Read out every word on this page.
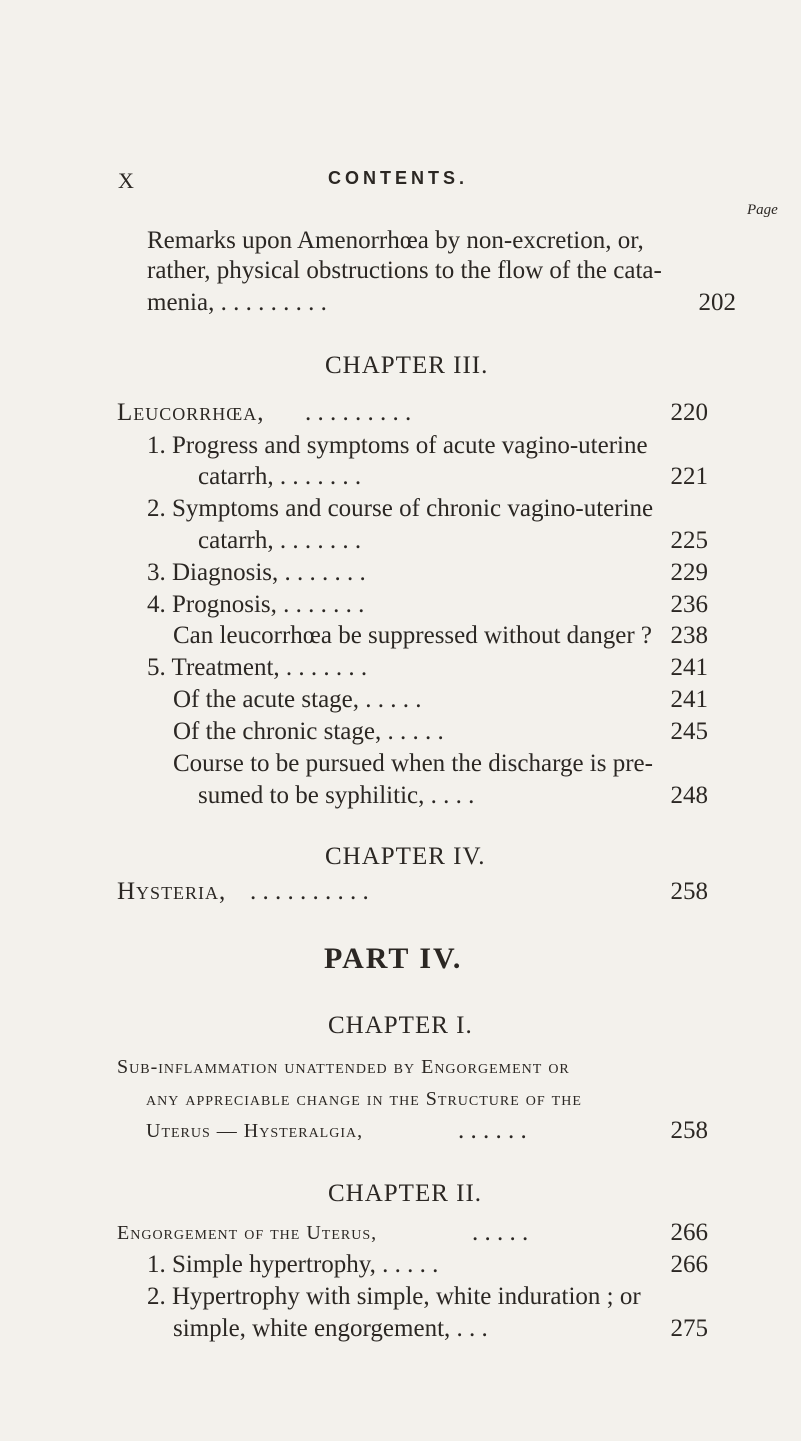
X	CONTENTS.
Page
Remarks upon Amenorrhœa by non-excretion, or,
rather, physical obstructions to the flow of the cata-
menia, . . . . . . . . .	202
CHAPTER III.
Leucorrhœa, . . . . . . . . .	220
1. Progress and symptoms of acute vagino-uterine
catarrh, . . . . . . .	221
2. Symptoms and course of chronic vagino-uterine
catarrh, . . . . . . .	225
3. Diagnosis, . . . . . . .	229
4. Prognosis, . . . . . . .	236
Can leucorrhœa be suppressed without danger ? 238
5. Treatment, . . . . . . .	241
Of the acute stage, . . . . .	241
Of the chronic stage, . . . . .	245
Course to be pursued when the discharge is pre-
sumed to be syphilitic, . . . .	248
CHAPTER IV.
Hysteria, . . . . . . . . . .	258
PART IV.
CHAPTER I.
Sub-inflammation unattended by Engorgement or
any appreciable change in the Structure of the
Uterus — Hysteralgia,	. . . . . .	258
CHAPTER II.
Engorgement of the Uterus,	. . . . .	266
1. Simple hypertrophy, . . . . .	266
2. Hypertrophy with simple, white induration ; or
simple, white engorgement, . . .	275
